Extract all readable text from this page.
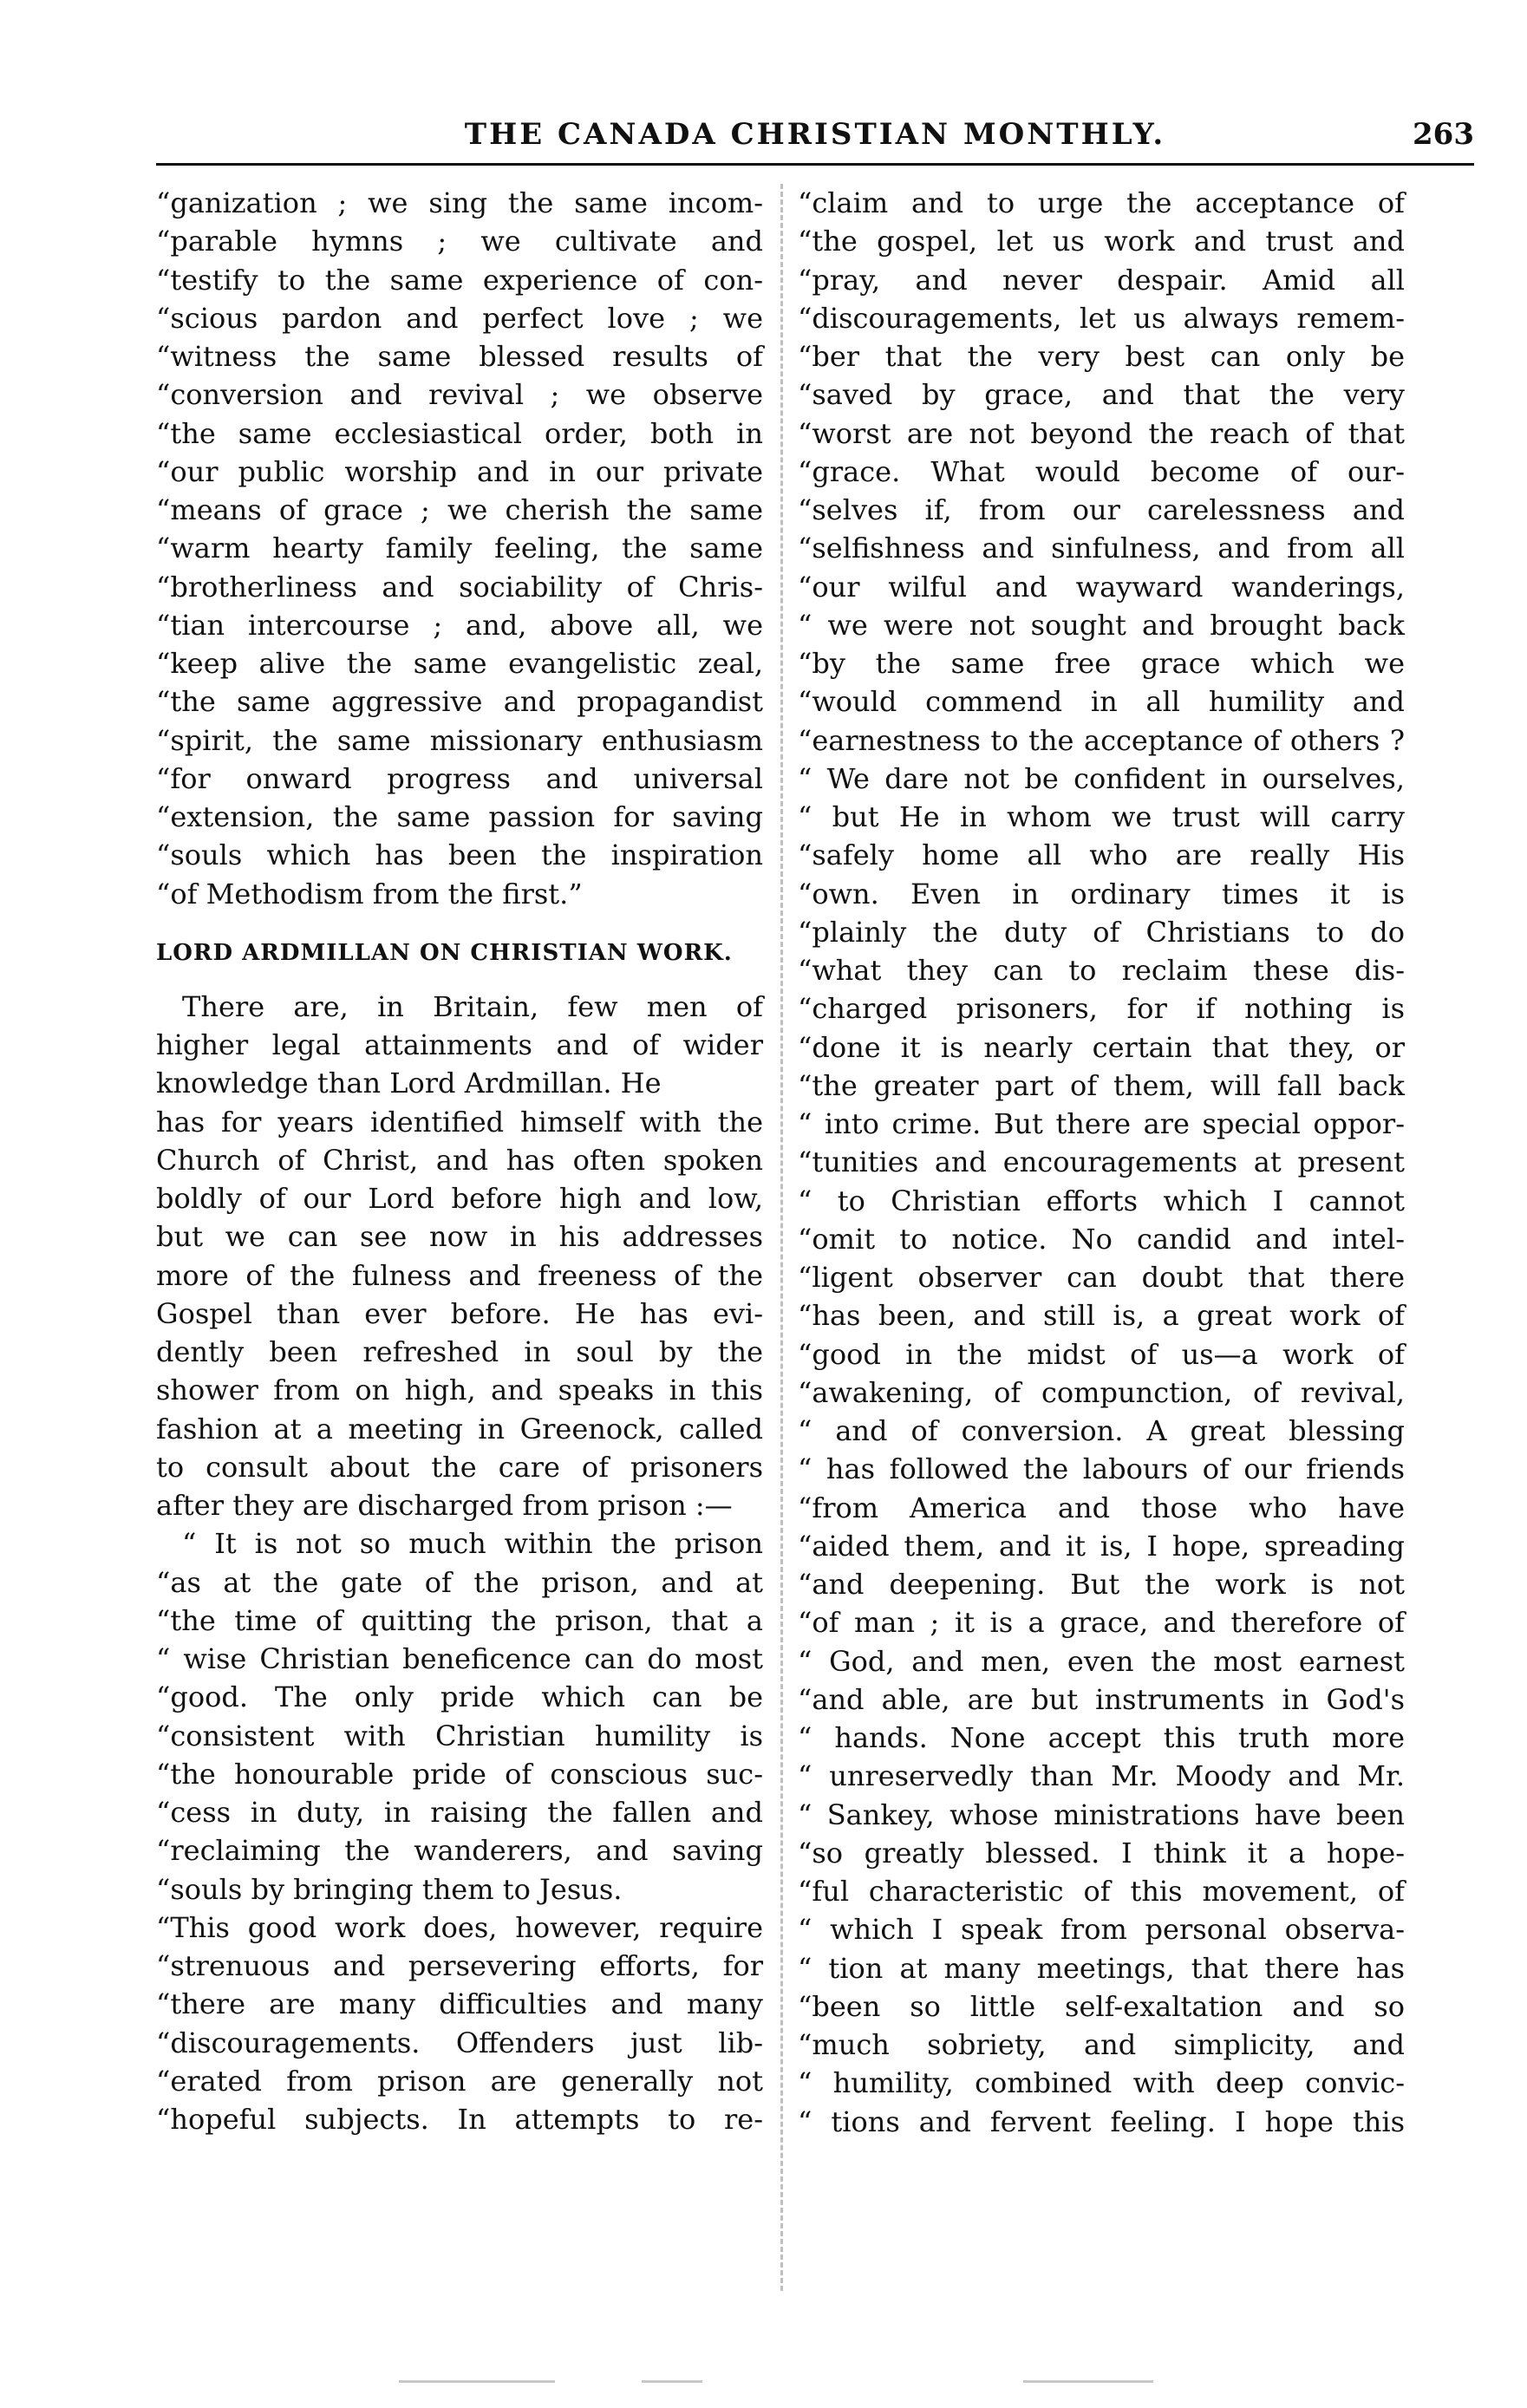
THE CANADA CHRISTIAN MONTHLY.	263
“ganization ; we sing the same incom-
“parable hymns ; we cultivate and
“testify to the same experience of con-
“scious pardon and perfect love ; we
“witness the same blessed results of
“conversion and revival ; we observe
“the same ecclesiastical order, both in
“our public worship and in our private
“means of grace ; we cherish the same
“warm hearty family feeling, the same
“brotherliness and sociability of Chris-
“tian intercourse ; and, above all, we
“keep alive the same evangelistic zeal,
“the same aggressive and propagandist
“spirit, the same missionary enthusiasm
“for onward progress and universal
“extension, the same passion for saving
“souls which has been the inspiration
“of Methodism from the first.”
LORD ARDMILLAN ON CHRISTIAN WORK.
There are, in Britain, few men of
higher legal attainments and of wider
knowledge than Lord Ardmillan. He
has for years identified himself with the
Church of Christ, and has often spoken
boldly of our Lord before high and low,
but we can see now in his addresses
more of the fulness and freeness of the
Gospel than ever before. He has evi-
dently been refreshed in soul by the
shower from on high, and speaks in this
fashion at a meeting in Greenock, called
to consult about the care of prisoners
after they are discharged from prison :—
“ It is not so much within the prison
“as at the gate of the prison, and at
“the time of quitting the prison, that a
“ wise Christian beneficence can do most
“good. The only pride which can be
“consistent with Christian humility is
“the honourable pride of conscious suc-
“cess in duty, in raising the fallen and
“reclaiming the wanderers, and saving
“souls by bringing them to Jesus.
“This good work does, however, require
“strenuous and persevering efforts, for
“there are many difficulties and many
“discouragements. Offenders just lib-
“erated from prison are generally not
“hopeful subjects. In attempts to re-
“claim and to urge the acceptance of
“the gospel, let us work and trust and
“pray, and never despair. Amid all
“discouragements, let us always remem-
“ber that the very best can only be
“saved by grace, and that the very
“worst are not beyond the reach of that
“grace. What would become of our-
“selves if, from our carelessness and
“selfishness and sinfulness, and from all
“our wilful and wayward wanderings,
“ we were not sought and brought back
“by the same free grace which we
“would commend in all humility and
“earnestness to the acceptance of others ?
“ We dare not be confident in ourselves,
“ but He in whom we trust will carry
“safely home all who are really His
“own. Even in ordinary times it is
“plainly the duty of Christians to do
“what they can to reclaim these dis-
“charged prisoners, for if nothing is
“done it is nearly certain that they, or
“the greater part of them, will fall back
“ into crime. But there are special oppor-
“tunities and encouragements at present
“ to Christian efforts which I cannot
“omit to notice. No candid and intel-
“ligent observer can doubt that there
“has been, and still is, a great work of
“good in the midst of us—a work of
“awakening, of compunction, of revival,
“ and of conversion. A great blessing
“ has followed the labours of our friends
“from America and those who have
“aided them, and it is, I hope, spreading
“and deepening. But the work is not
“of man ; it is a grace, and therefore of
“ God, and men, even the most earnest
“and able, are but instruments in God's
“ hands. None accept this truth more
“ unreservedly than Mr. Moody and Mr.
“ Sankey, whose ministrations have been
“so greatly blessed. I think it a hope-
“ful characteristic of this movement, of
“ which I speak from personal observa-
“ tion at many meetings, that there has
“been so little self-exaltation and so
“much sobriety, and simplicity, and
“ humility, combined with deep convic-
“ tions and fervent feeling. I hope this
